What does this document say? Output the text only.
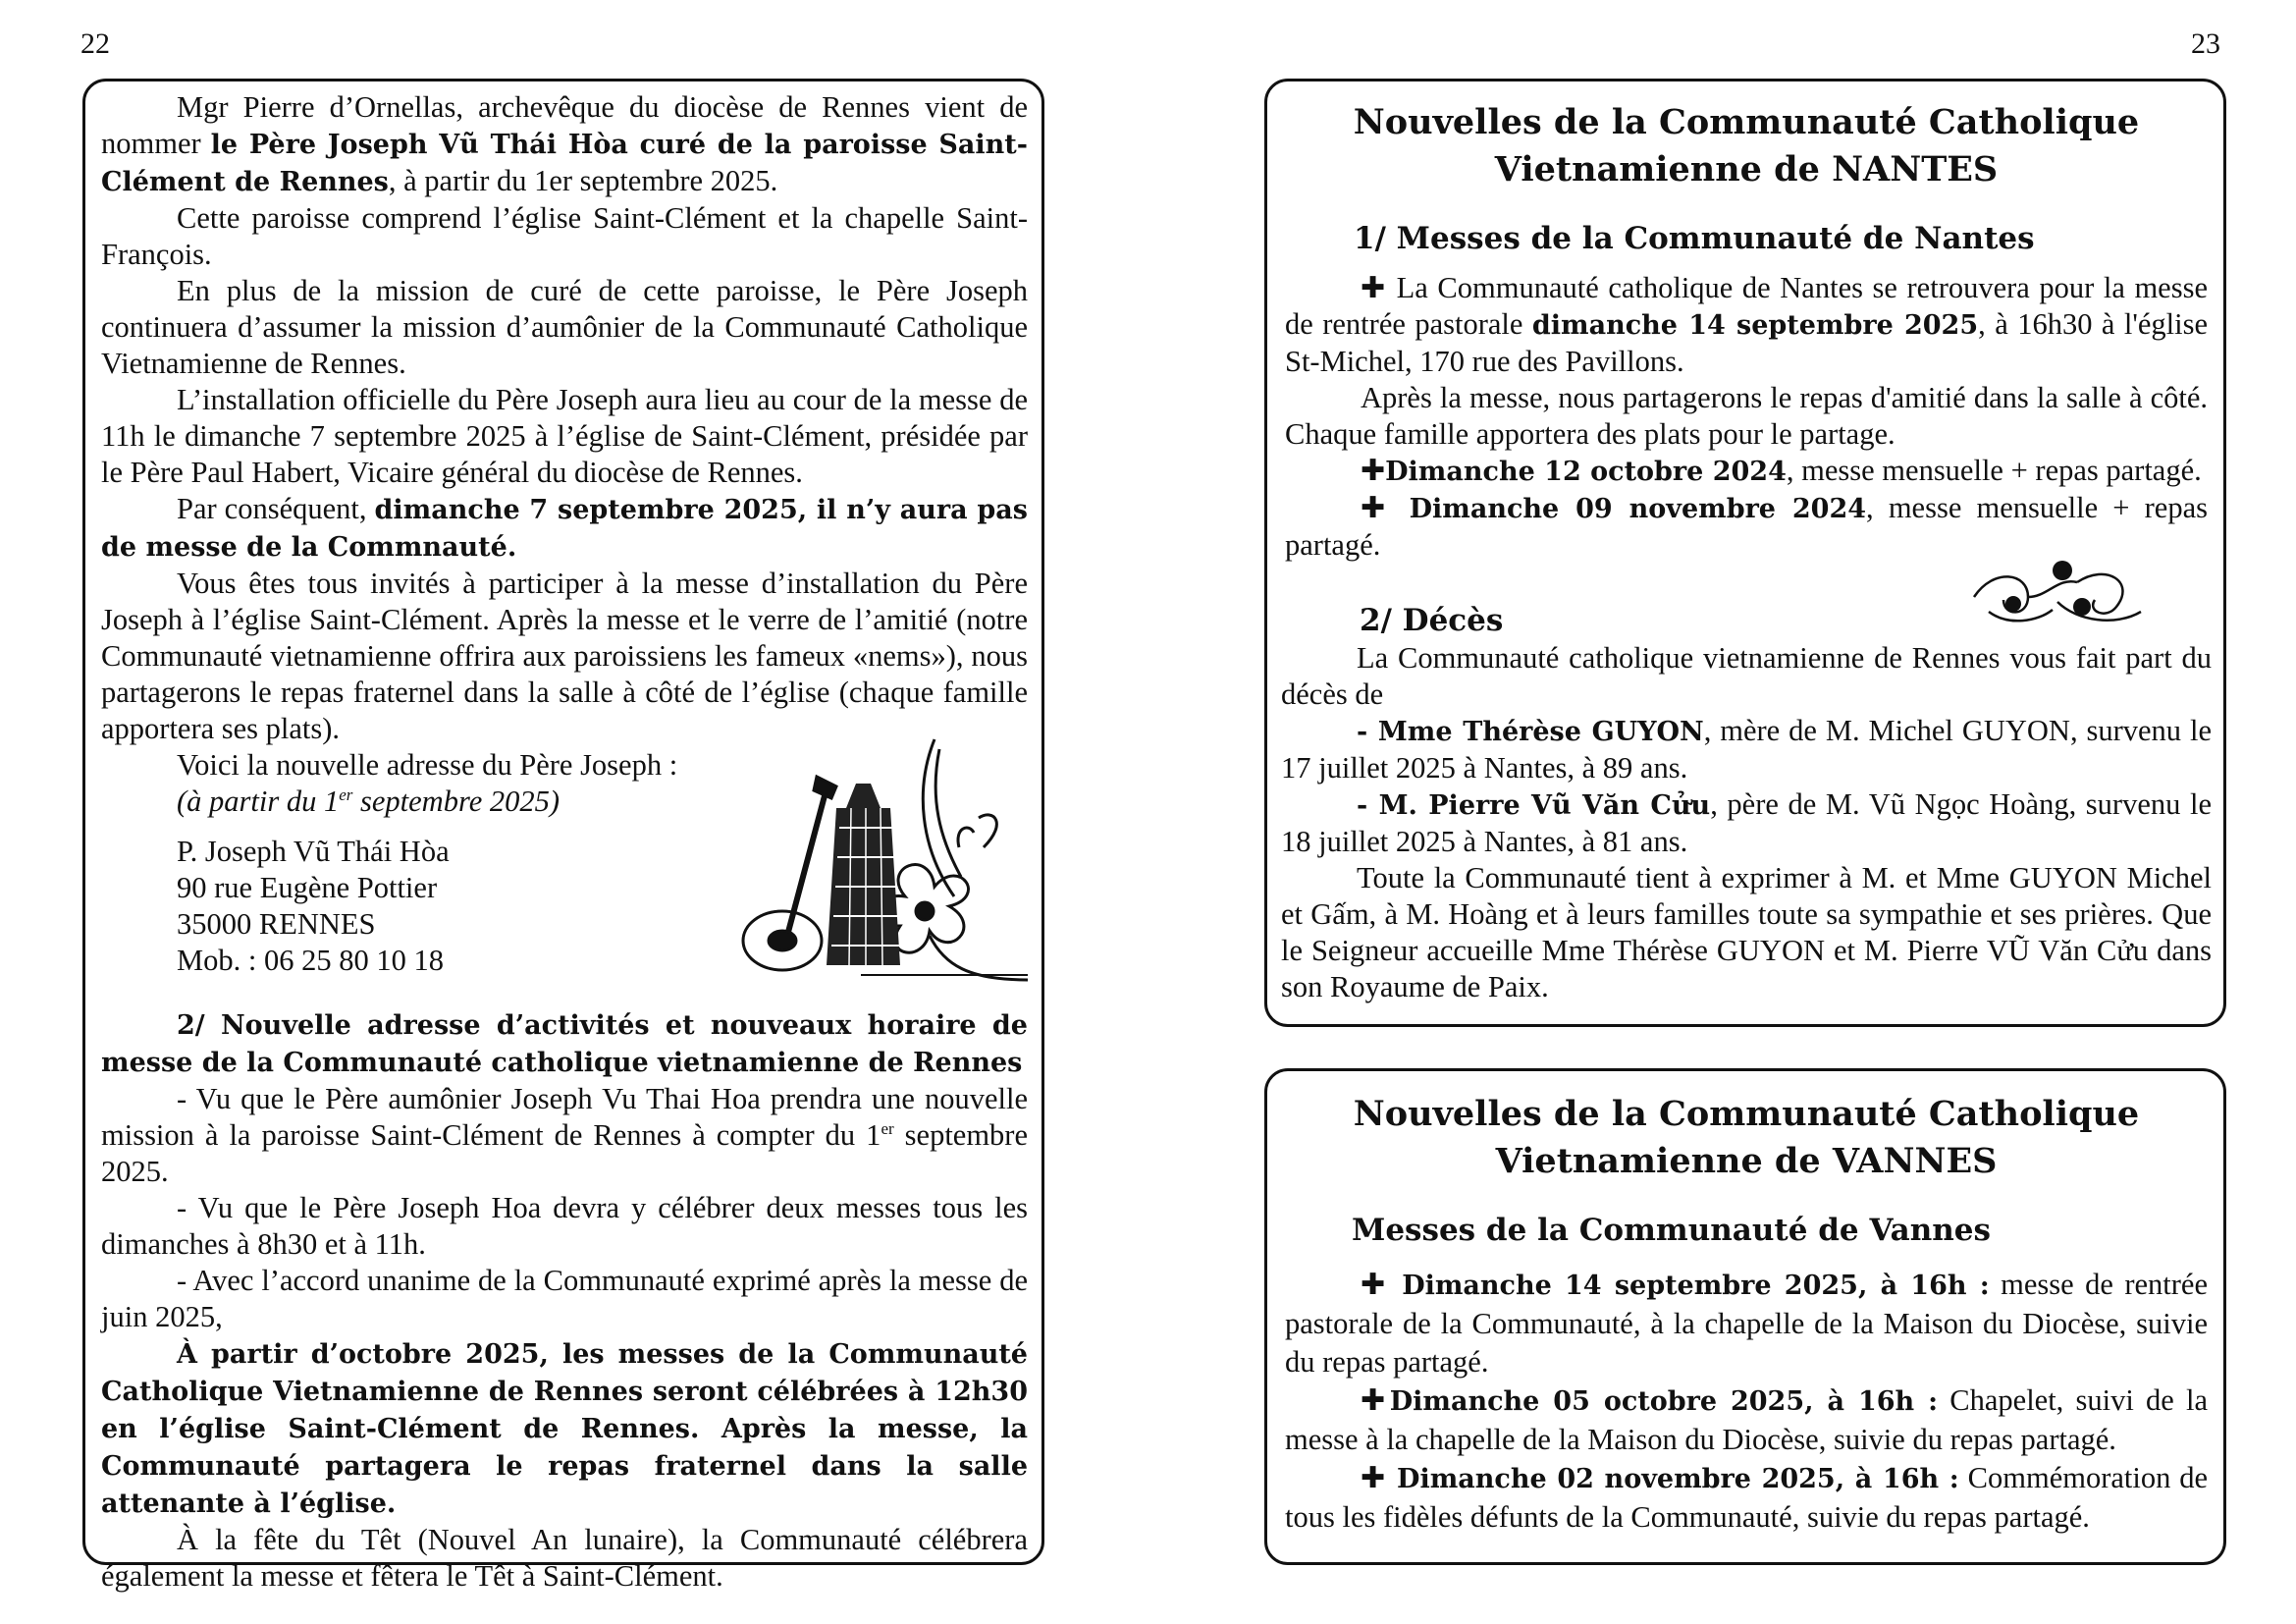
22	23

Mgr Pierre d’Ornellas, archevêque du diocèse de Rennes vient de nommer le Père Joseph Vũ Thái Hòa curé de la paroisse Saint-Clément de Rennes, à partir du 1er septembre 2025.

Cette paroisse comprend l’église Saint-Clément et la chapelle Saint-François.

En plus de la mission de curé de cette paroisse, le Père Joseph continuera d’assumer la mission d’aumônier de la Communauté Catholique Vietnamienne de Rennes.

L’installation officielle du Père Joseph aura lieu au cour de la messe de 11h le dimanche 7 septembre 2025 à l’église de Saint-Clément, présidée par le Père Paul Habert, Vicaire général du diocèse de Rennes.

Par conséquent, dimanche 7 septembre 2025, il n’y aura pas de messe de la Commnauté.

Vous êtes tous invités à participer à la messe d’installation du Père Joseph à l’église Saint-Clément. Après la messe et le verre de l’amitié (notre Communauté vietnamienne offrira aux paroissiens les fameux «nems»), nous partagerons le repas fraternel dans la salle à côté de l’église (chaque famille apportera ses plats).

Voici la nouvelle adresse du Père Joseph :

(à partir du 1er septembre 2025)

P. Joseph Vũ Thái Hòa

90 rue Eugène Pottier

35000 RENNES

Mob. : 06 25 80 10 18

2/ Nouvelle adresse d’activités et nouveaux horaire de messe de la Communauté catholique vietnamienne de Rennes

- Vu que le Père aumônier Joseph Vu Thai Hoa prendra une nouvelle mission à la paroisse Saint-Clément de Rennes à compter du 1er septembre 2025.

- Vu que le Père Joseph Hoa devra y célébrer deux messes tous les dimanches à 8h30 et à 11h.

- Avec l’accord unanime de la Communauté exprimé après la messe de juin 2025,

À partir d’octobre 2025, les messes de la Communauté Catholique Vietnamienne de Rennes seront célébrées à 12h30 en l’église Saint-Clément de Rennes. Après la messe, la Communauté partagera le repas fraternel dans la salle attenante à l’église.

À la fête du Têt (Nouvel An lunaire), la Communauté célébrera également la messe et fêtera le Têt à Saint-Clément.

Nouvelles de la Communauté Catholique

Vietnamienne de NANTES

1/ Messes de la Communauté de Nantes

✚ La Communauté catholique de Nantes se retrouvera pour la messe de rentrée pastorale dimanche 14 septembre 2025, à 16h30 à l'église St-Michel, 170 rue des Pavillons.

Après la messe, nous partagerons le repas d'amitié dans la salle à côté. Chaque famille apportera des plats pour le partage.

✚Dimanche 12 octobre 2024, messe mensuelle + repas partagé.

✚ Dimanche 09 novembre 2024, messe mensuelle + repas partagé.

2/ Décès

La Communauté catholique vietnamienne de Rennes vous fait part du décès de

- Mme Thérèse GUYON, mère de M. Michel GUYON, survenu le 17 juillet 2025 à Nantes, à 89 ans.

- M. Pierre Vũ Văn Cửu, père de M. Vũ Ngọc Hoàng, survenu le 18 juillet 2025 à Nantes, à 81 ans.

Toute la Communauté tient à exprimer à M. et Mme GUYON Michel et Gấm, à M. Hoàng et à leurs familles toute sa sympathie et ses prières. Que le Seigneur accueille Mme Thérèse GUYON et M. Pierre VŨ Văn Cửu dans son Royaume de Paix.

Nouvelles de la Communauté Catholique

Vietnamienne de VANNES

Messes de la Communauté de Vannes

✚ Dimanche 14 septembre 2025, à 16h : messe de rentrée pastorale de la Communauté, à la chapelle de la Maison du Diocèse, suivie du repas partagé.

✚Dimanche 05 octobre 2025, à 16h : Chapelet, suivi de la messe à la chapelle de la Maison du Diocèse, suivie du repas partagé.

✚ Dimanche 02 novembre 2025, à 16h : Commémoration de tous les fidèles défunts de la Communauté, suivie du repas partagé.
